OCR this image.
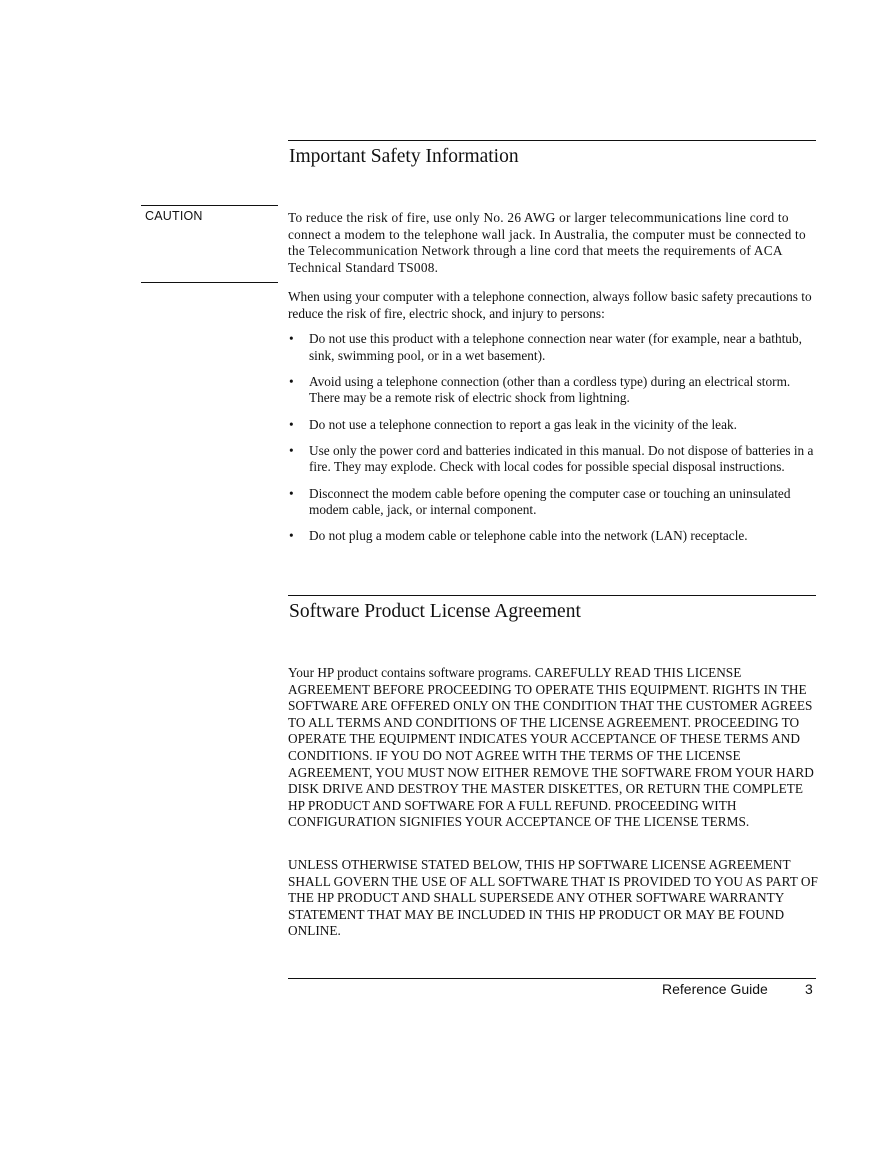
Important Safety Information
CAUTION	To reduce the risk of fire, use only No. 26 AWG or larger telecommunications line cord to connect a modem to the telephone wall jack. In Australia, the computer must be connected to the Telecommunication Network through a line cord that meets the requirements of ACA Technical Standard TS008.

When using your computer with a telephone connection, always follow basic safety precautions to reduce the risk of fire, electric shock, and injury to persons:

• Do not use this product with a telephone connection near water (for example, near a bathtub, sink, swimming pool, or in a wet basement).
• Avoid using a telephone connection (other than a cordless type) during an electrical storm. There may be a remote risk of electric shock from lightning.
• Do not use a telephone connection to report a gas leak in the vicinity of the leak.
• Use only the power cord and batteries indicated in this manual. Do not dispose of batteries in a fire. They may explode. Check with local codes for possible special disposal instructions.
• Disconnect the modem cable before opening the computer case or touching an uninsulated modem cable, jack, or internal component.
• Do not plug a modem cable or telephone cable into the network (LAN) receptacle.
Software Product License Agreement

Your HP product contains software programs. CAREFULLY READ THIS LICENSE AGREEMENT BEFORE PROCEEDING TO OPERATE THIS EQUIPMENT. RIGHTS IN THE SOFTWARE ARE OFFERED ONLY ON THE CONDITION THAT THE CUSTOMER AGREES TO ALL TERMS AND CONDITIONS OF THE LICENSE AGREEMENT. PROCEEDING TO OPERATE THE EQUIPMENT INDICATES YOUR ACCEPTANCE OF THESE TERMS AND CONDITIONS. IF YOU DO NOT AGREE WITH THE TERMS OF THE LICENSE AGREEMENT, YOU MUST NOW EITHER REMOVE THE SOFTWARE FROM YOUR HARD DISK DRIVE AND DESTROY THE MASTER DISKETTES, OR RETURN THE COMPLETE HP PRODUCT AND SOFTWARE FOR A FULL REFUND. PROCEEDING WITH CONFIGURATION SIGNIFIES YOUR ACCEPTANCE OF THE LICENSE TERMS.

UNLESS OTHERWISE STATED BELOW, THIS HP SOFTWARE LICENSE AGREEMENT SHALL GOVERN THE USE OF ALL SOFTWARE THAT IS PROVIDED TO YOU AS PART OF THE HP PRODUCT AND SHALL SUPERSEDE ANY OTHER SOFTWARE WARRANTY STATEMENT THAT MAY BE INCLUDED IN THIS HP PRODUCT OR MAY BE FOUND ONLINE.

Reference Guide	3
